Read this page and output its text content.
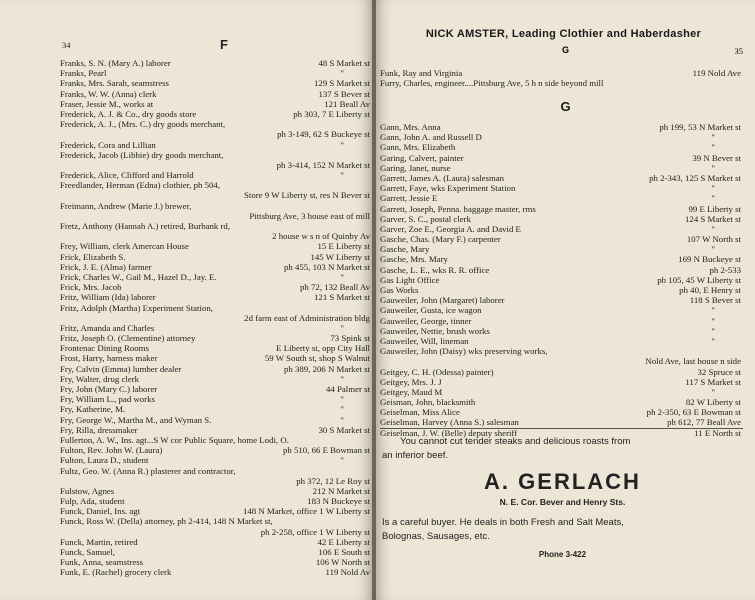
34	F
Franks, S. N. (Mary A.) laborer	48 S Market st
Franks, Pearl	"
Franks, Mrs. Sarah, seamstress	129 S Market st
Franks, W. W. (Anna) clerk	137 S Bever st
Fraser, Jessie M., works at	121 Beall Av
Frederick, A. J. & Co., dry goods store	ph 303, 7 E Liberty st
Frederick, A. J., (Mrs. C.) dry goods merchant,
ph 3-149, 62 S Buckeye st
Frederick, Cora and Lillian	"
Frederick, Jacob (Libbie) dry goods merchant,
ph 3-414, 152 N Market st
Frederick, Alice, Clifford and Harrold	"
Freedlander, Herman (Edna) clothier, ph 504,
Store 9 W Liberty st, res N Bever st
Freimann, Andrew (Marie J.) brewer,
Pittsburg Ave, 3 house east of mill
Fretz, Anthony (Hannah A.) retired, Burbank rd,
2 house w s n of Quinby Av
Frey, William, clerk Amercan House	15 E Liberty st
Frick, Elizabeth S.	145 W Liberty st
Frick, J. E. (Alma) farmer	ph 455, 103 N Market st
Frick, Charles W., Gail M., Hazel D., Jay. E.	"
Frick, Mrs. Jacob	ph 72, 132 Beall Av
Fritz, William (Ida) laborer	121 S Market st
Fritz, Adolph (Martha) Experiment Station,
2d farm east of Administration bldg
Fritz, Amanda and Charles	"
Fritz, Joseph O. (Clementine) attorney	73 Spink st
Frontenac Dining Rooms	E Liberty st, opp City Hall
Frost, Harry, harness maker	59 W South st, shop S Walnut
Fry, Calvin (Emma) lumber dealer	ph 389, 206 N Market st
Fry, Walter, drug clerk	"
Fry, John (Mary C.) laborer	44 Palmer st
Fry, William L., pad works	"
Fry, Katherine, M.	"
Fry, George W., Martha M., and Wyman S.	"
Fry, Rilla, dressmaker	30 S Market st
Fullerton, A. W., Ins. agt...S W cor Public Square, home Lodi, O.
Fulton, Rev. John W. (Laura)	ph 510, 66 E Bowman st
Fulton, Laura D., student	"
Fultz, Geo. W. (Anna R.) plasterer and contractor,
ph 372, 12 Le Roy st
Fulstow, Agnes	212 N Market st
Fulp, Ada, student	183 N Buckeye st
Funck, Daniel, Ins. agt	148 N Market, office 1 W Liberty st
Funck, Ross W. (Della) attorney, ph 2-414, 148 N Market st,
ph 2-258, office 1 W Liberty st
Funck, Martin, retired	42 E Liberty st
Funck, Samuel,	106 E South st
Funk, Anna, seamstress	106 W North st
Funk, E. (Rachel) grocery clerk	119 Nold Av
NICK AMSTER, Leading Clothier and Haberdasher
G	35
Funk, Ray and Virginia	119 Nold Ave
Furry, Charles, engineer....Pittsburg Ave, 5 h n side beyond mill
G
Gann, Mrs. Anna	ph 199, 53 N Market st
Gann, John A. and Russell D	"
Gann, Mrs. Elizabeth	"
Garing, Calvert, painter	39 N Bever st
Garing, Janet, nurse	"
Garrett, James A. (Laura) salesman	ph 2-343, 125 S Market st
Garrett, Faye, wks Experiment Station	"
Garrett, Jessie E	"
Garrett, Joseph, Penna. baggage master, rms	99 E Liberty st
Garver, S. C., postal clerk	124 S Market st
Garver, Zoe E., Georgia A. and David E	"
Gasche, Chas. (Mary F.) carpenter	107 W North st
Gasche, Mary	"
Gasche, Mrs. Mary	169 N Buckeye st
Gasche, L. E., wks R. R. office	ph 2-533
Gas Light Office	ph 105, 45 W Liberty st
Gas Works	ph 40, E Henry st
Gauweiler, John (Margaret) laborer	118 S Bever st
Gauweiler, Gusta, ice wagon	"
Gauweiler, George, tinner	"
Gauweiler, Nettie, brush works	"
Gauweiler, Will, lineman	"
Gauweiler, John (Daisy) wks preserving works,
Nold Ave, last house n side
Geitgey, C. H. (Odessa) painter)	32 Spruce st
Geitgey, Mrs. J. J	117 S Market st
Geitgey, Maud M	"
Geisman, John, blacksmith	82 W Liberty st
Geiselman, Miss Alice	ph 2-350, 63 E Bowman st
Geiselman, Harvey (Anna S.) salesman	ph 612, 77 Beall Ave
Geiselman, J. W. (Belle) deputy sheriff	11 E North st
You cannot cut tender steaks and delicious roasts from
an inferior beef.
A. GERLACH
N. E. Cor. Bever and Henry Sts.
Is a careful buyer. He deals in both Fresh and Salt Meats,
Bolognas, Sausages, etc.
Phone 3-422
